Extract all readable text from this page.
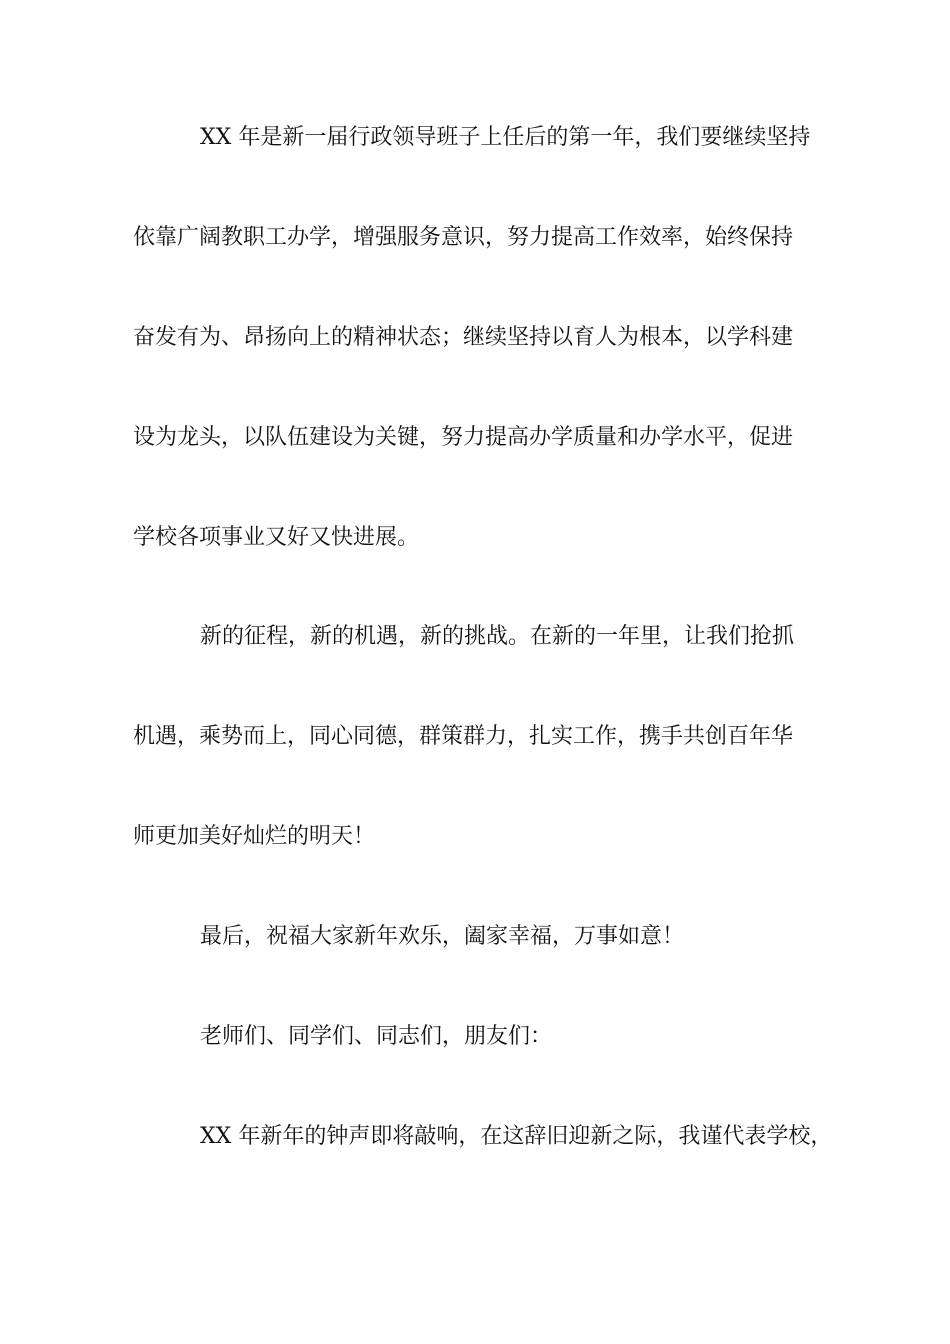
XX 年是新一届行政领导班子上任后的第一年，我们要继续坚持
依靠广阔教职工办学，增强服务意识，努力提高工作效率，始终保持
奋发有为、昂扬向上的精神状态；继续坚持以育人为根本，以学科建
设为龙头，以队伍建设为关键，努力提高办学质量和办学水平，促进
学校各项事业又好又快进展。
新的征程，新的机遇，新的挑战。在新的一年里，让我们抢抓
机遇，乘势而上，同心同德，群策群力，扎实工作，携手共创百年华
师更加美好灿烂的明天！
最后，祝福大家新年欢乐，阖家幸福，万事如意！
老师们、同学们、同志们，朋友们：
XX 年新年的钟声即将敲响，在这辞旧迎新之际，我谨代表学校，
